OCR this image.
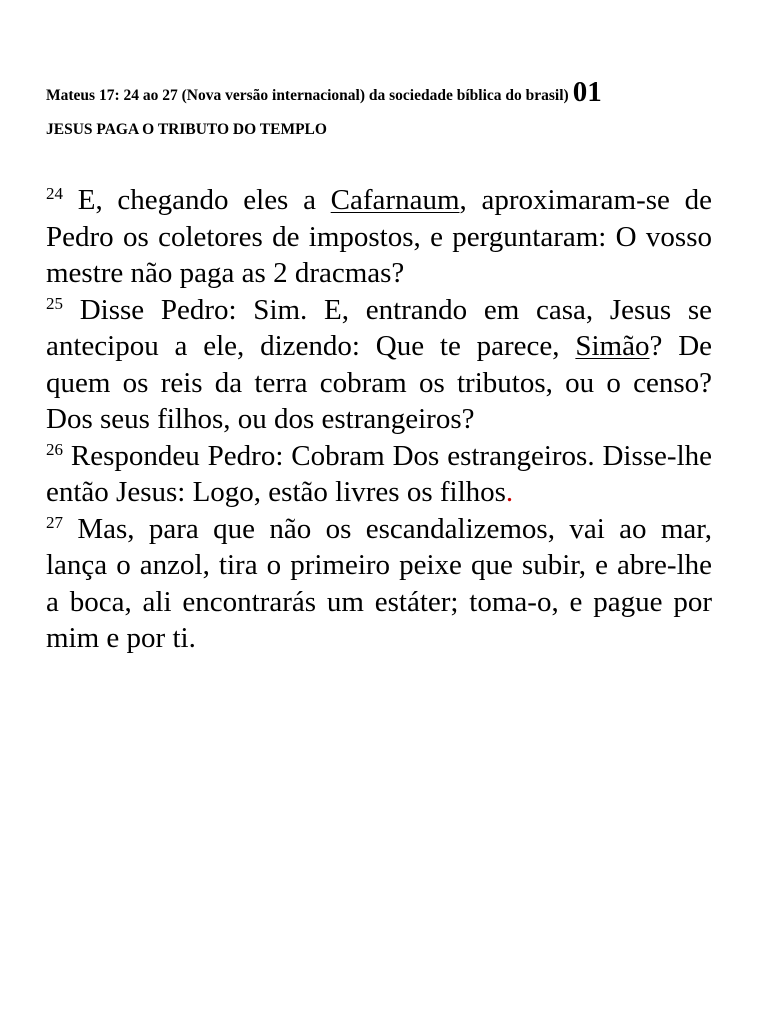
Mateus 17: 24 ao 27 (Nova versão internacional) da sociedade bíblica do brasil) 01
JESUS PAGA O TRIBUTO DO TEMPLO

$^{24}$ E, chegando eles a Cafarnaum, aproximaram-se de Pedro os coletores de impostos, e perguntaram: O vosso mestre não paga as 2 dracmas?

$^{25}$ Disse Pedro: Sim. E, entrando em casa, Jesus se antecipou a ele, dizendo: Que te parece, Simão? De quem os reis da terra cobram os tributos, ou o censo? Dos seus filhos, ou dos estrangeiros?

$^{26}$ Respondeu Pedro: Cobram Dos estrangeiros. Disse-lhe então Jesus: Logo, estão livres os filhos.

$^{27}$ Mas, para que não os escandalizemos, vai ao mar, lança o anzol, tira o primeiro peixe que subir, e abre-lhe a boca, ali encontrarás um estáter; toma-o, e pague por mim e por ti.
